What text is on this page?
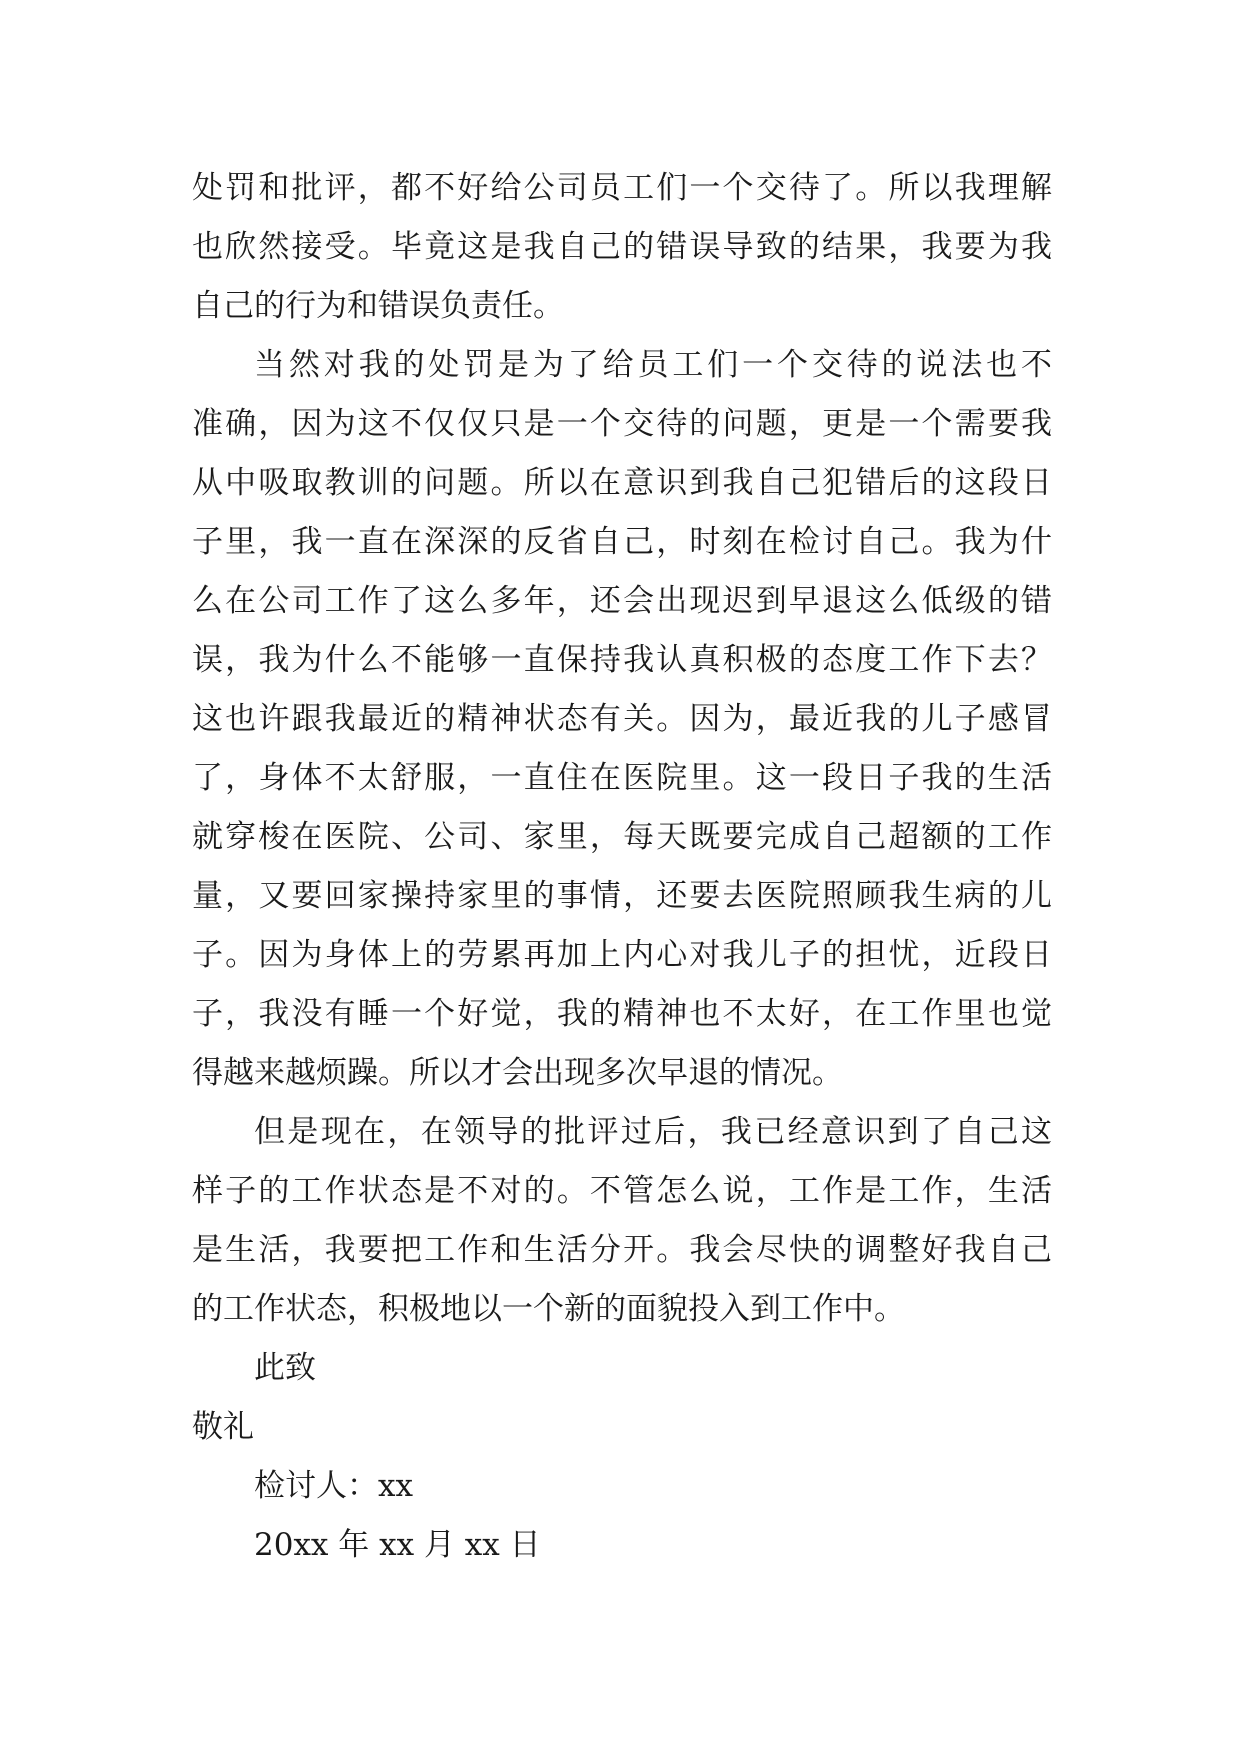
处罚和批评，都不好给公司员工们一个交待了。所以我理解
也欣然接受。毕竟这是我自己的错误导致的结果，我要为我
自己的行为和错误负责任。
当然对我的处罚是为了给员工们一个交待的说法也不
准确，因为这不仅仅只是一个交待的问题，更是一个需要我
从中吸取教训的问题。所以在意识到我自己犯错后的这段日
子里，我一直在深深的反省自己，时刻在检讨自己。我为什
么在公司工作了这么多年，还会出现迟到早退这么低级的错
误，我为什么不能够一直保持我认真积极的态度工作下去？
这也许跟我最近的精神状态有关。因为，最近我的儿子感冒
了，身体不太舒服，一直住在医院里。这一段日子我的生活
就穿梭在医院、公司、家里，每天既要完成自己超额的工作
量，又要回家操持家里的事情，还要去医院照顾我生病的儿
子。因为身体上的劳累再加上内心对我儿子的担忧，近段日
子，我没有睡一个好觉，我的精神也不太好，在工作里也觉
得越来越烦躁。所以才会出现多次早退的情况。
但是现在，在领导的批评过后，我已经意识到了自己这
样子的工作状态是不对的。不管怎么说，工作是工作，生活
是生活，我要把工作和生活分开。我会尽快的调整好我自己
的工作状态，积极地以一个新的面貌投入到工作中。
此致
敬礼
检讨人：xx
20xx 年 xx 月 xx 日
